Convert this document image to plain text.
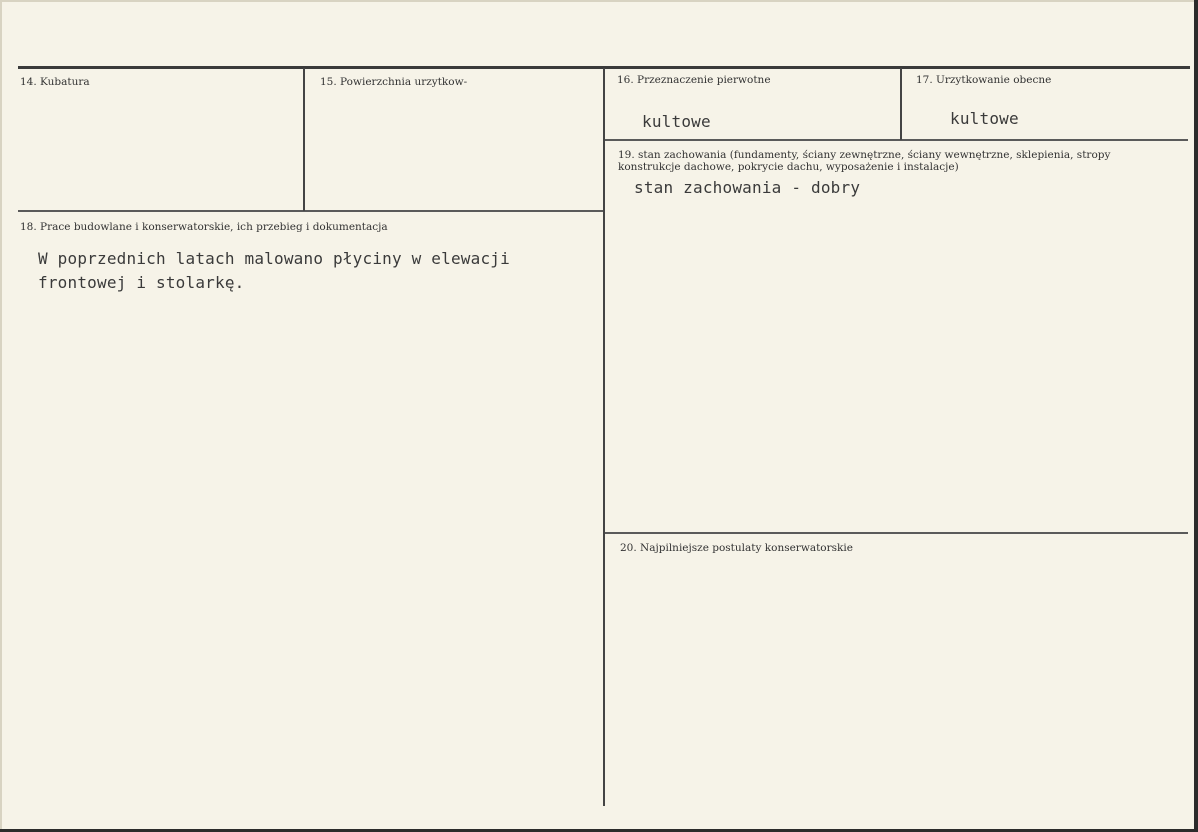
14. Kubatura	15. Powierzchnia urzytkow-	16. Przeznaczenie pierwotne
kultowe
17. Urzytkowanie obecne
kultowe
18. Prace budowlane i konserwatorskie, ich przebieg i dokumentacja
W poprzednich latach malowano płyciny w elewacji
frontowej i stolarkę.
19. stan zachowania (fundamenty, ściany zewnętrzne, ściany wewnętrzne, sklepienia, stropy konstrukcje dachowe, pokrycie dachu, wyposażenie i instalacje)
stan zachowania - dobry
20. Najpilniejsze postulaty konserwatorskie
